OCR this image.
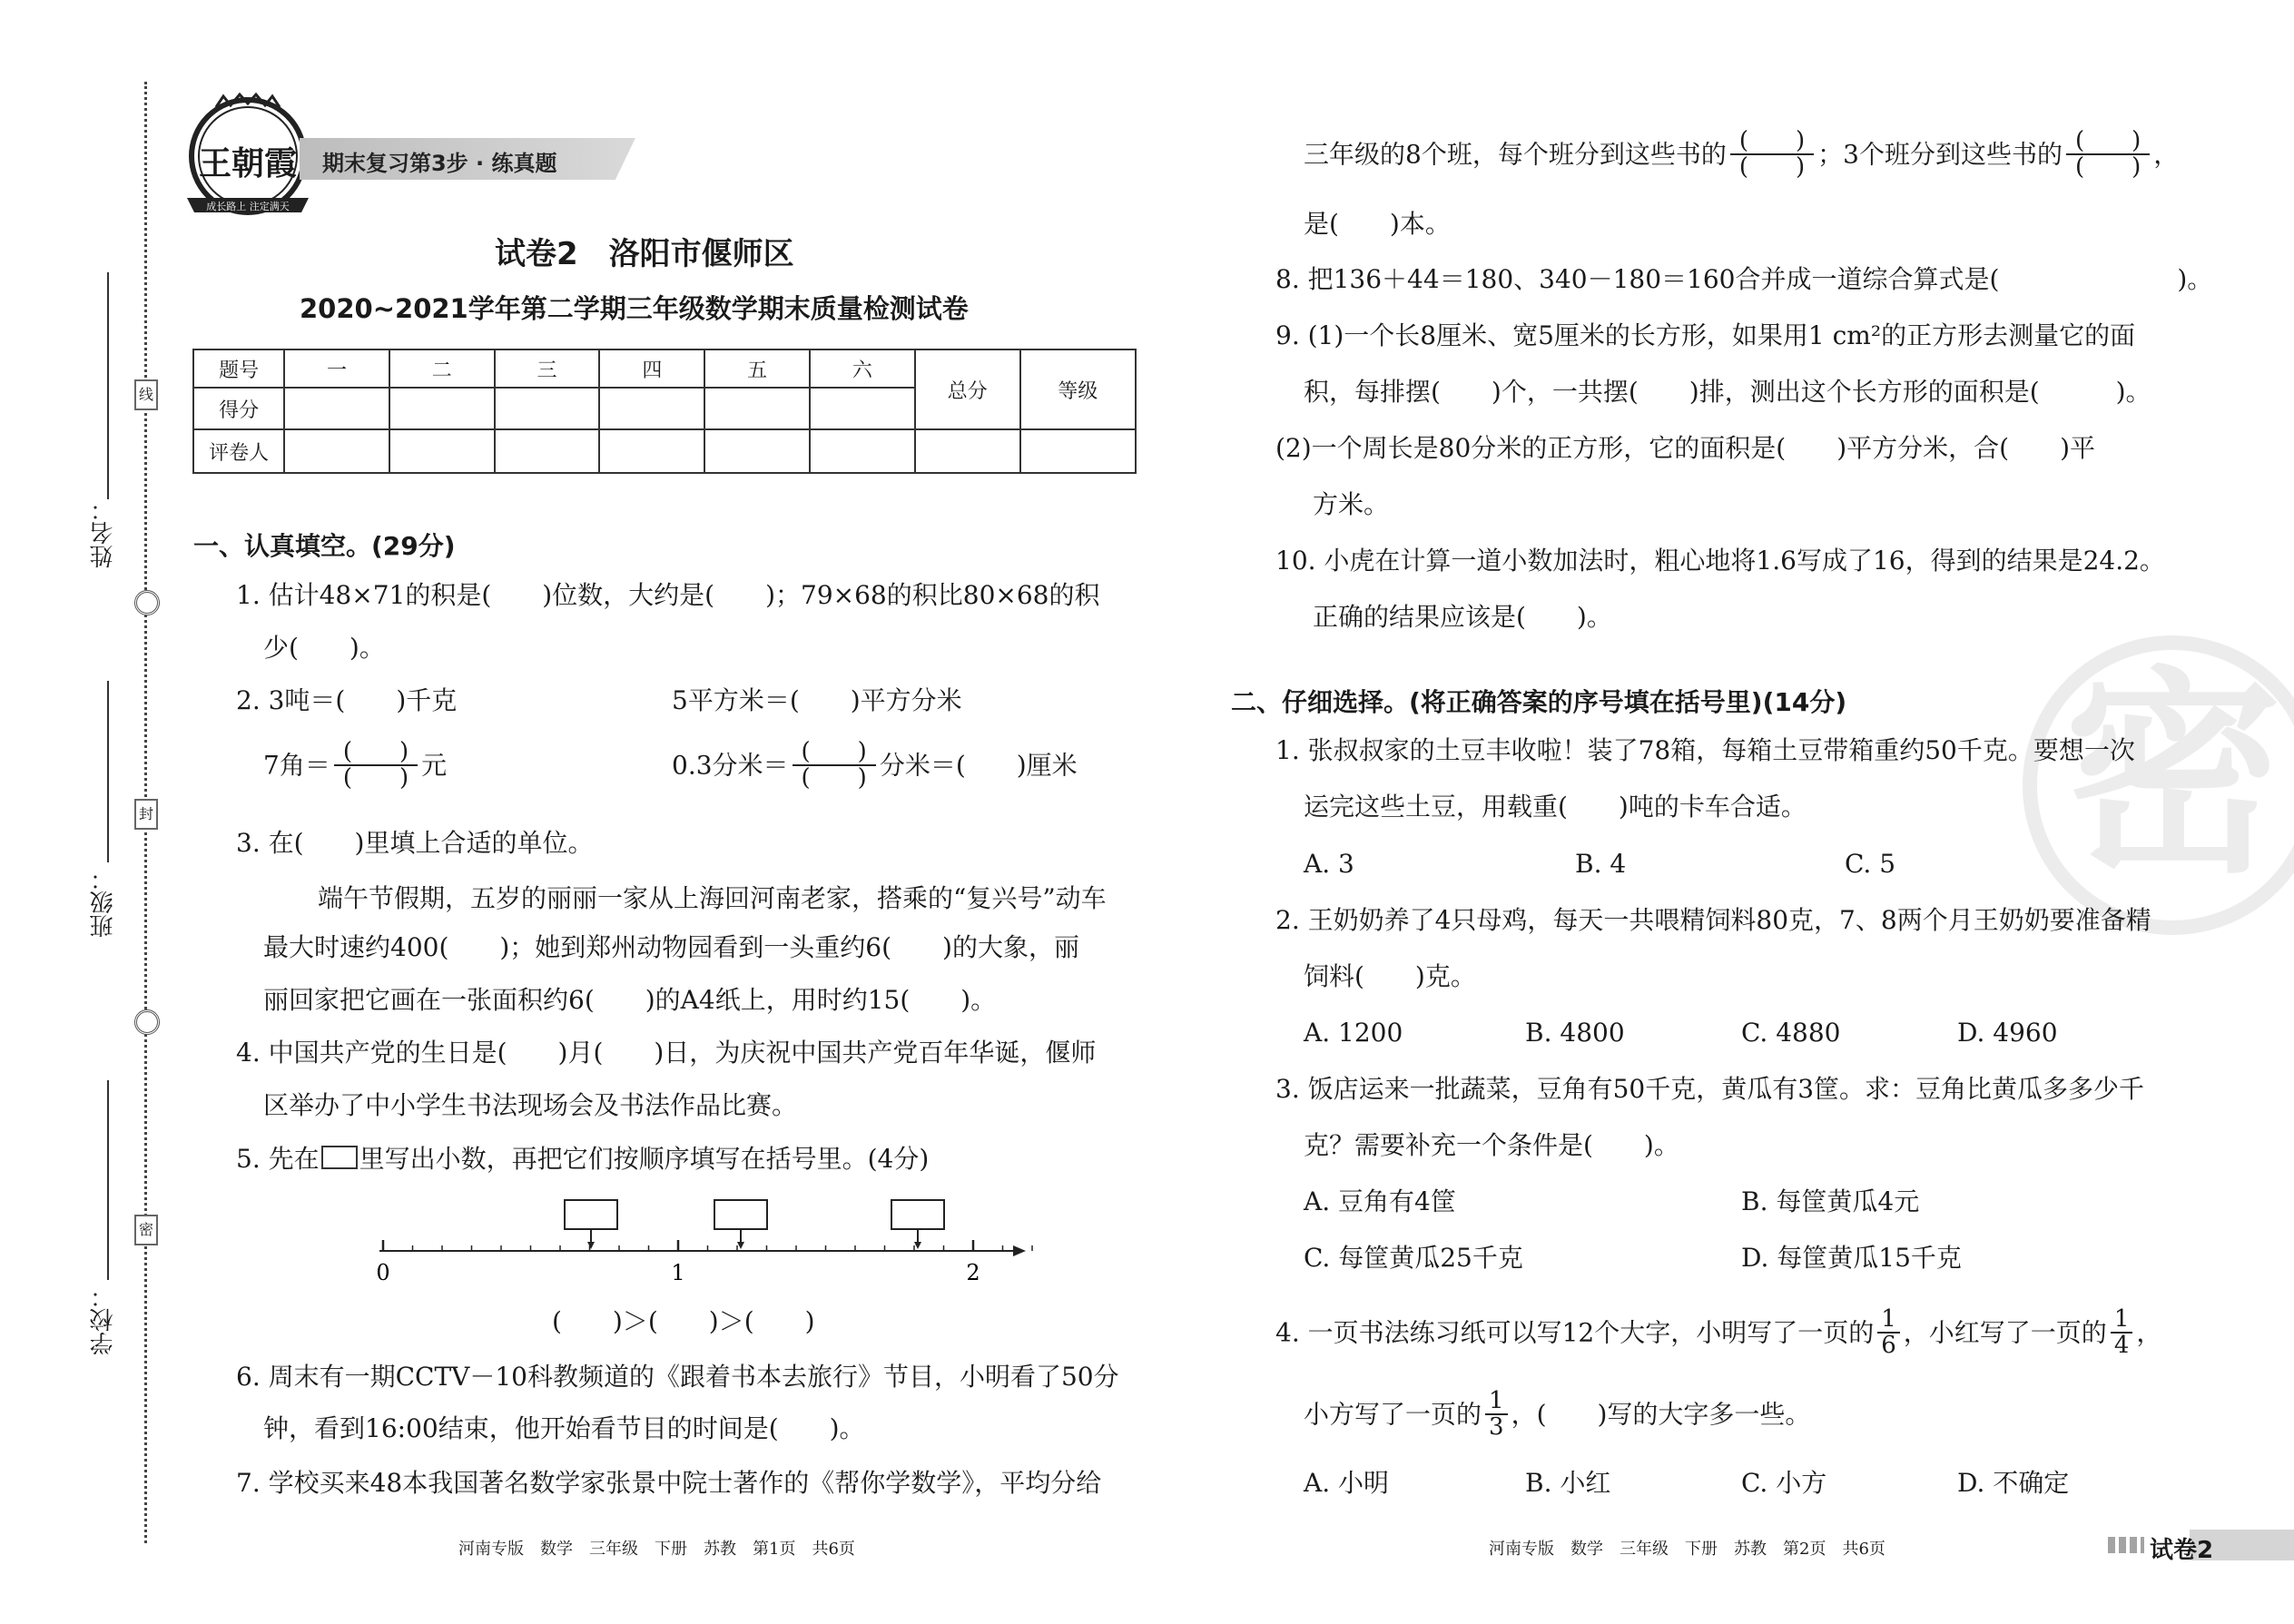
姓名：
班级：
学校：
线
封
密
王朝霞
成长路上 注定满天
期末复习第3步 · 练真题
试卷2　洛阳市偃师区
2020~2021学年第二学期三年级数学期末质量检测试卷
题号	一	二	三	四	五	六	总分	等级
得分								
评卷人								
一、认真填空。(29分)
1. 估计48×71的积是(　　)位数，大约是(　　)；79×68的积比80×68的积
少(　　)。
2. 3吨＝(　　)千克	5平方米＝(　　)平方分米
7角＝ $\frac{( )}{( )}$ 元	0.3分米＝ $\frac{( )}{( )}$ 分米＝(　　)厘米
3. 在(　　)里填上合适的单位。
端午节假期，五岁的丽丽一家从上海回河南老家，搭乘的“复兴号”动车
最大时速约400(　　)；她到郑州动物园看到一头重约6(　　)的大象，丽
丽回家把它画在一张面积约6(　　)的A4纸上，用时约15(　　)。
4. 中国共产党的生日是(　　)月(　　)日，为庆祝中国共产党百年华诞，偃师
区举办了中小学生书法现场会及书法作品比赛。
5. 先在 里写出小数，再把它们按顺序填写在括号里。(4分)
0	1	2
(　　)＞(　　)＞(　　)
6. 周末有一期CCTV－10科教频道的《跟着书本去旅行》节目，小明看了50分
钟，看到16:00结束，他开始看节目的时间是(　　)。
7. 学校买来48本我国著名数学家张景中院士著作的《帮你学数学》，平均分给
河南专版　数学　三年级　下册　苏教　第1页　共6页
密
三年级的8个班，每个班分到这些书的 $\frac{( )}{( )}$ ；3个班分到这些书的 $\frac{( )}{( )}$ ，
是(　　)本。
8. 把136＋44＝180、340－180＝160合并成一道综合算式是(　　　　　　　)。
9. (1)一个长8厘米、宽5厘米的长方形，如果用1 cm²的正方形去测量它的面
积，每排摆(　　)个，一共摆(　　)排，测出这个长方形的面积是(　　　)。
(2)一个周长是80分米的正方形，它的面积是(　　)平方分米，合(　　)平
方米。
10. 小虎在计算一道小数加法时，粗心地将1.6写成了16，得到的结果是24.2。
正确的结果应该是(　　)。
二、仔细选择。(将正确答案的序号填在括号里)(14分)
1. 张叔叔家的土豆丰收啦！装了78箱，每箱土豆带箱重约50千克。要想一次
运完这些土豆，用载重(　　)吨的卡车合适。
A. 3	B. 4	C. 5
2. 王奶奶养了4只母鸡，每天一共喂精饲料80克，7、8两个月王奶奶要准备精
饲料(　　)克。
A. 1200	B. 4800	C. 4880	D. 4960
3. 饭店运来一批蔬菜，豆角有50千克，黄瓜有3筐。求：豆角比黄瓜多多少千
克？需要补充一个条件是(　　)。
A. 豆角有4筐	B. 每筐黄瓜4元
C. 每筐黄瓜25千克	D. 每筐黄瓜15千克
4. 一页书法练习纸可以写12个大字，小明写了一页的 $\frac{1}{6}$ ，小红写了一页的 $\frac{1}{4}$ ，
小方写了一页的 $\frac{1}{3}$ ，(　　)写的大字多一些。
A. 小明	B. 小红	C. 小方	D. 不确定
河南专版　数学　三年级　下册　苏教　第2页　共6页	试卷2
